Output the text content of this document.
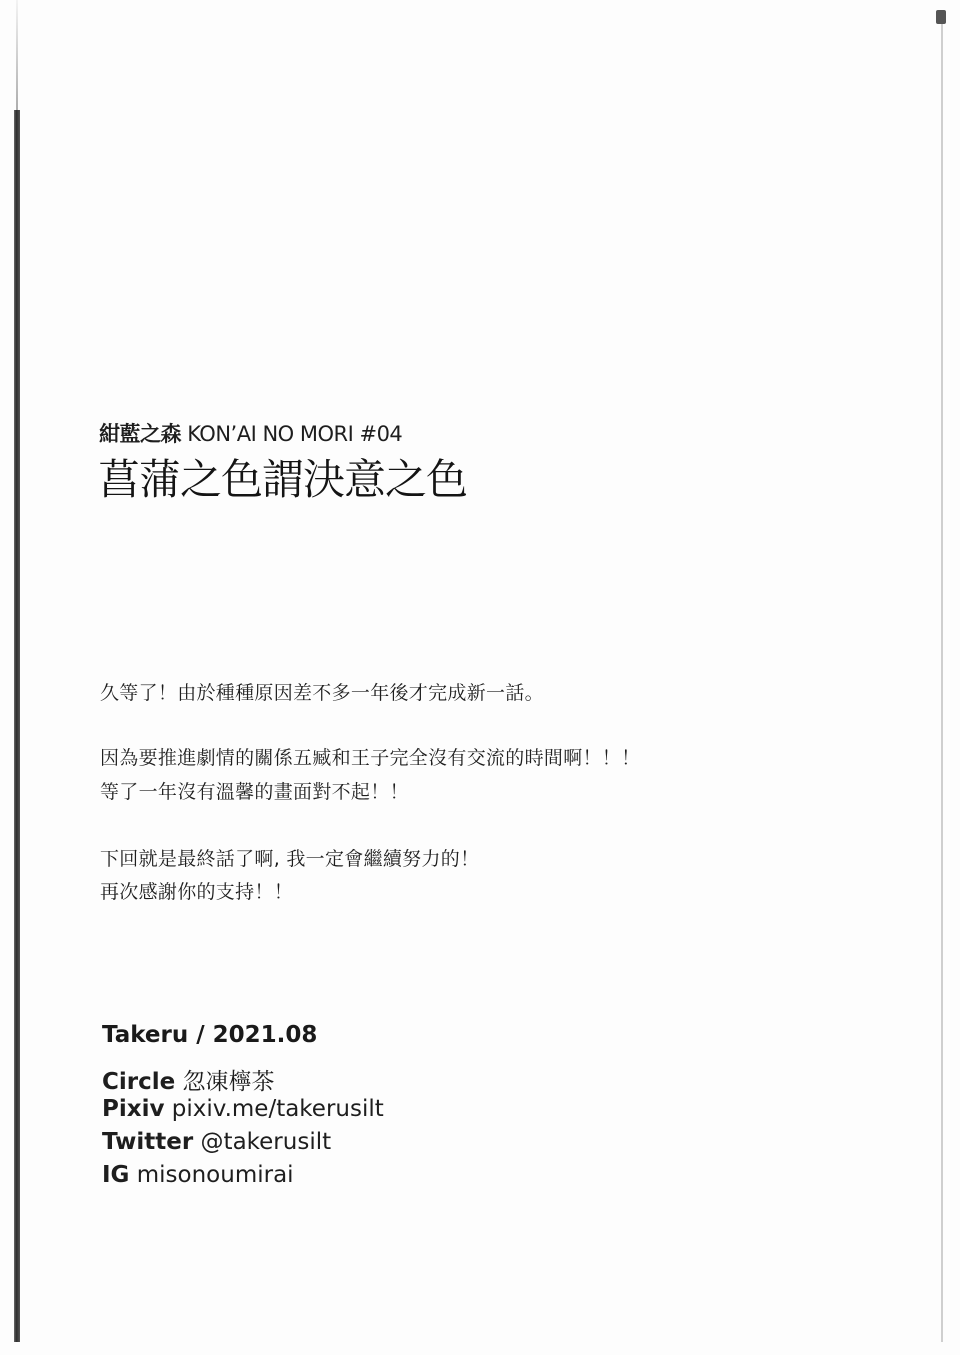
紺藍之森 KON’AI NO MORI #04
菖蒲之色謂決意之色
久等了！由於種種原因差不多一年後才完成新一話。
因為要推進劇情的關係五臧和王子完全沒有交流的時間啊！！！
等了一年沒有溫馨的畫面對不起！！
下回就是最終話了啊, 我一定會繼續努力的！
再次感謝你的支持！！
Takeru / 2021.08
Circle 忽凍檸茶
Pixiv pixiv.me/takerusilt
Twitter @takerusilt
IG misonoumirai
